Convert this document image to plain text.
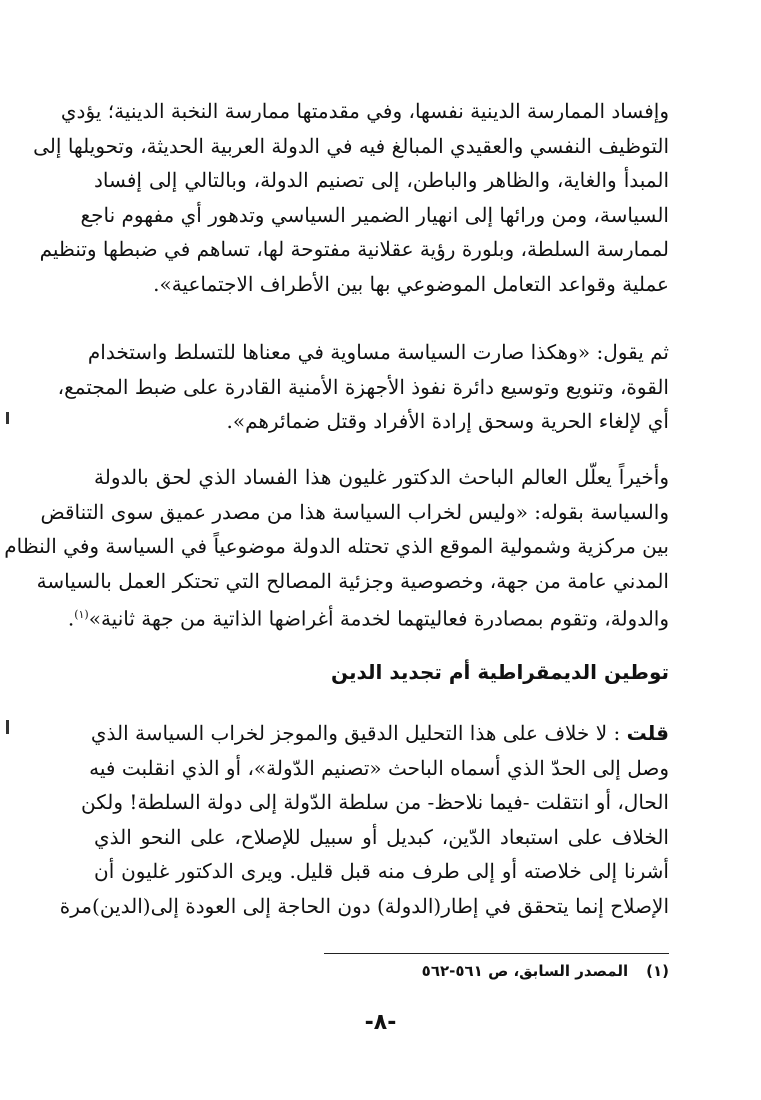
وإفساد الممارسة الدينية نفسها، وفي مقدمتها ممارسة النخبة الدينية؛ يؤدي
التوظيف النفسي والعقيدي المبالغ فيه في الدولة العربية الحديثة، وتحويلها إلى
المبدأ والغاية، والظاهر والباطن، إلى تصنيم الدولة، وبالتالي إلى إفساد
السياسة، ومن ورائها إلى انهيار الضمير السياسي وتدهور أي مفهوم ناجع
لممارسة السلطة، وبلورة رؤية عقلانية مفتوحة لها، تساهم في ضبطها وتنظيم
عملية وقواعد التعامل الموضوعي بها بين الأطراف الاجتماعية».
ثم يقول: «وهكذا صارت السياسة مساوية في معناها للتسلط واستخدام
القوة، وتنويع وتوسيع دائرة نفوذ الأجهزة الأمنية القادرة على ضبط المجتمع،
أي لإلغاء الحرية وسحق إرادة الأفراد وقتل ضمائرهم».
وأخيراً يعلّل العالم الباحث الدكتور غليون هذا الفساد الذي لحق بالدولة
والسياسة بقوله: «وليس لخراب السياسة هذا من مصدر عميق سوى التناقض
بين مركزية وشمولية الموقع الذي تحتله الدولة موضوعياً في السياسة وفي النظام
المدني عامة من جهة، وخصوصية وجزئية المصالح التي تحتكر العمل بالسياسة
والدولة، وتقوم بمصادرة فعاليتهما لخدمة أغراضها الذاتية من جهة ثانية»$^{(١)}$.
توطين الديمقراطية أم تجديد الدين
قلت : لا خلاف على هذا التحليل الدقيق والموجز لخراب السياسة الذي
وصل إلى الحدّ الذي أسماه الباحث «تصنيم الدّولة»، أو الذي انقلبت فيه
الحال، أو انتقلت -فيما نلاحظ- من سلطة الدّولة إلى دولة السلطة! ولكن
الخلاف على استبعاد الدّين، كبديل أو سبيل للإصلاح، على النحو الذي
أشرنا إلى خلاصته أو إلى طرف منه قبل قليل. ويرى الدكتور غليون أن
الإصلاح إنما يتحقق في إطار(الدولة) دون الحاجة إلى العودة إلى(الدين)مرة
(١)المصدر السابق، ص ٥٦١-٥٦٢
-٨-
